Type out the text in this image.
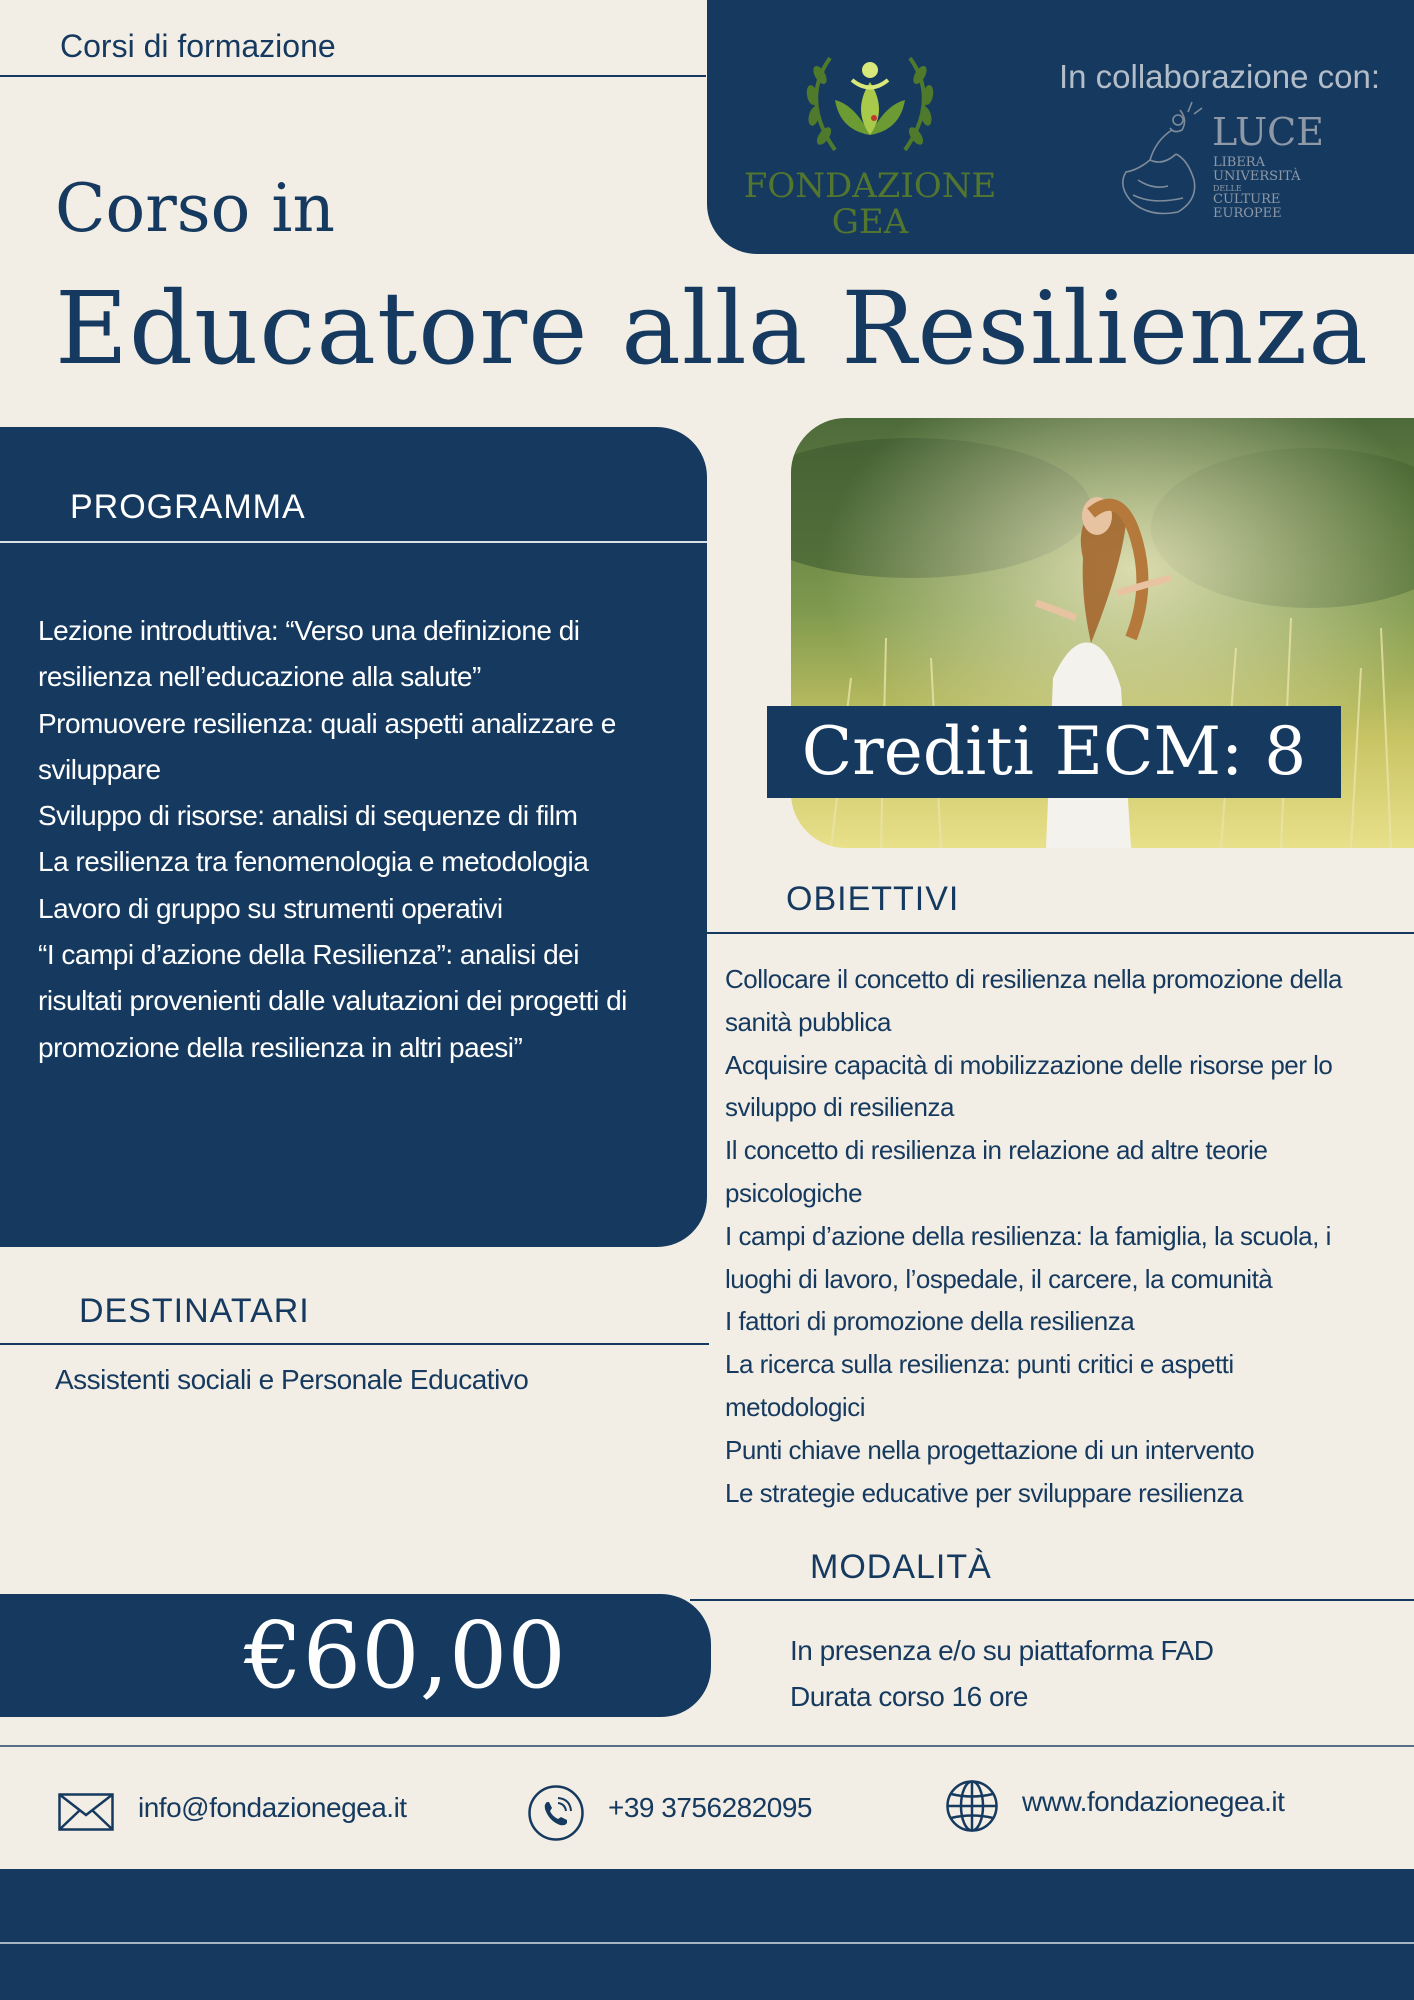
Corsi di formazione
FONDAZIONE
GEA
In collaborazione con:
LUCE
LIBERA
UNIVERSITÀ
DELLE
CULTURE
EUROPEE
Corso in
Educatore alla Resilienza
PROGRAMMA
Lezione introduttiva: “Verso una definizione di
resilienza nell’educazione alla salute”
Promuovere resilienza: quali aspetti analizzare e
sviluppare
Sviluppo di risorse: analisi di sequenze di film
La resilienza tra fenomenologia e metodologia
Lavoro di gruppo su strumenti operativi
“I campi d’azione della Resilienza”: analisi dei
risultati provenienti dalle valutazioni dei progetti di
promozione della resilienza in altri paesi”
Crediti ECM: 8
OBIETTIVI
Collocare il concetto di resilienza nella promozione della
sanità pubblica
Acquisire capacità di mobilizzazione delle risorse per lo
sviluppo di resilienza
Il concetto di resilienza in relazione ad altre teorie
psicologiche
I campi d’azione della resilienza: la famiglia, la scuola, i
luoghi di lavoro, l’ospedale, il carcere, la comunità
I fattori di promozione della resilienza
La ricerca sulla resilienza: punti critici e aspetti
metodologici
Punti chiave nella progettazione di un intervento
Le strategie educative per sviluppare resilienza
DESTINATARI
Assistenti sociali e Personale Educativo
MODALITÀ
€60,00	In presenza e/o su piattaforma FAD
Durata corso 16 ore
info@fondazionegea.it	+39 3756282095	www.fondazionegea.it
